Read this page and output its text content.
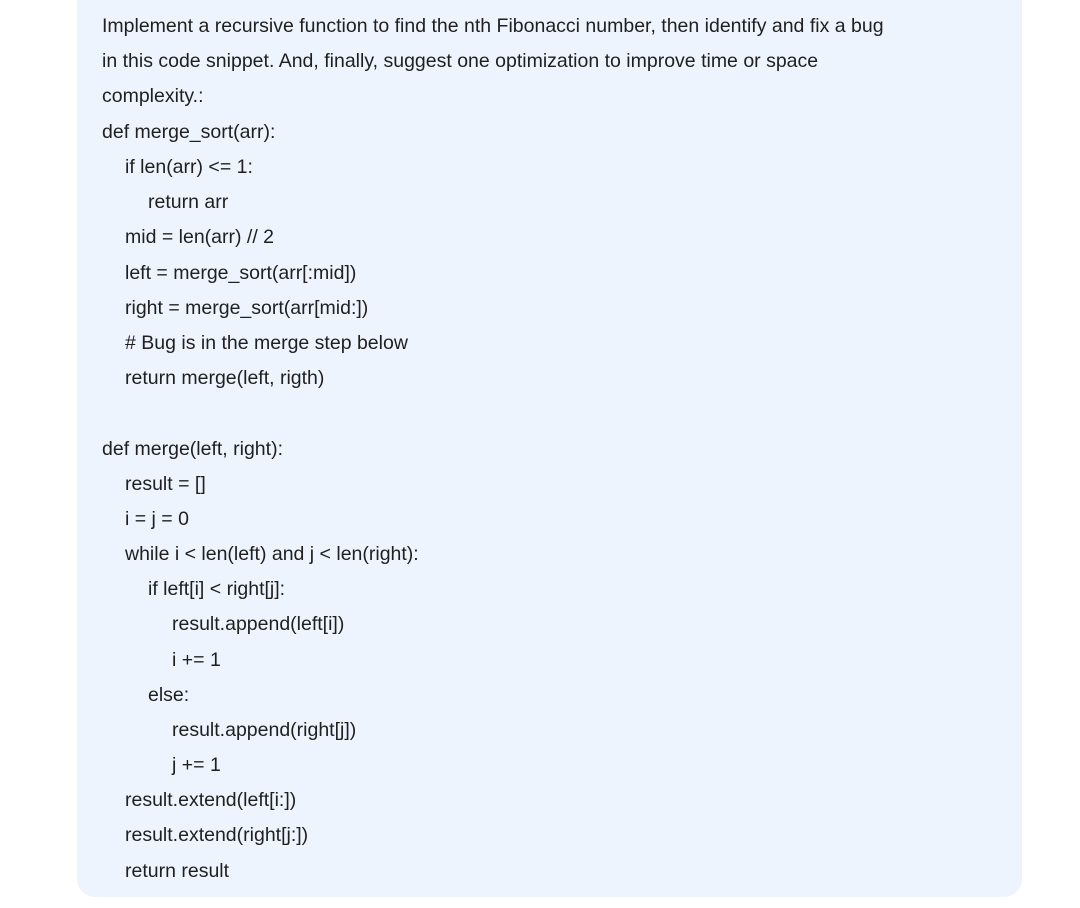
Implement a recursive function to find the nth Fibonacci number, then identify and fix a bug
in this code snippet. And, finally, suggest one optimization to improve time or space
complexity.:
def merge_sort(arr):
if len(arr) <= 1:
return arr
mid = len(arr) // 2
left = merge_sort(arr[:mid])
right = merge_sort(arr[mid:])
# Bug is in the merge step below
return merge(left, rigth)
def merge(left, right):
result = []
i = j = 0
while i < len(left) and j < len(right):
if left[i] < right[j]:
result.append(left[i])
i += 1
else:
result.append(right[j])
j += 1
result.extend(left[i:])
result.extend(right[j:])
return result
